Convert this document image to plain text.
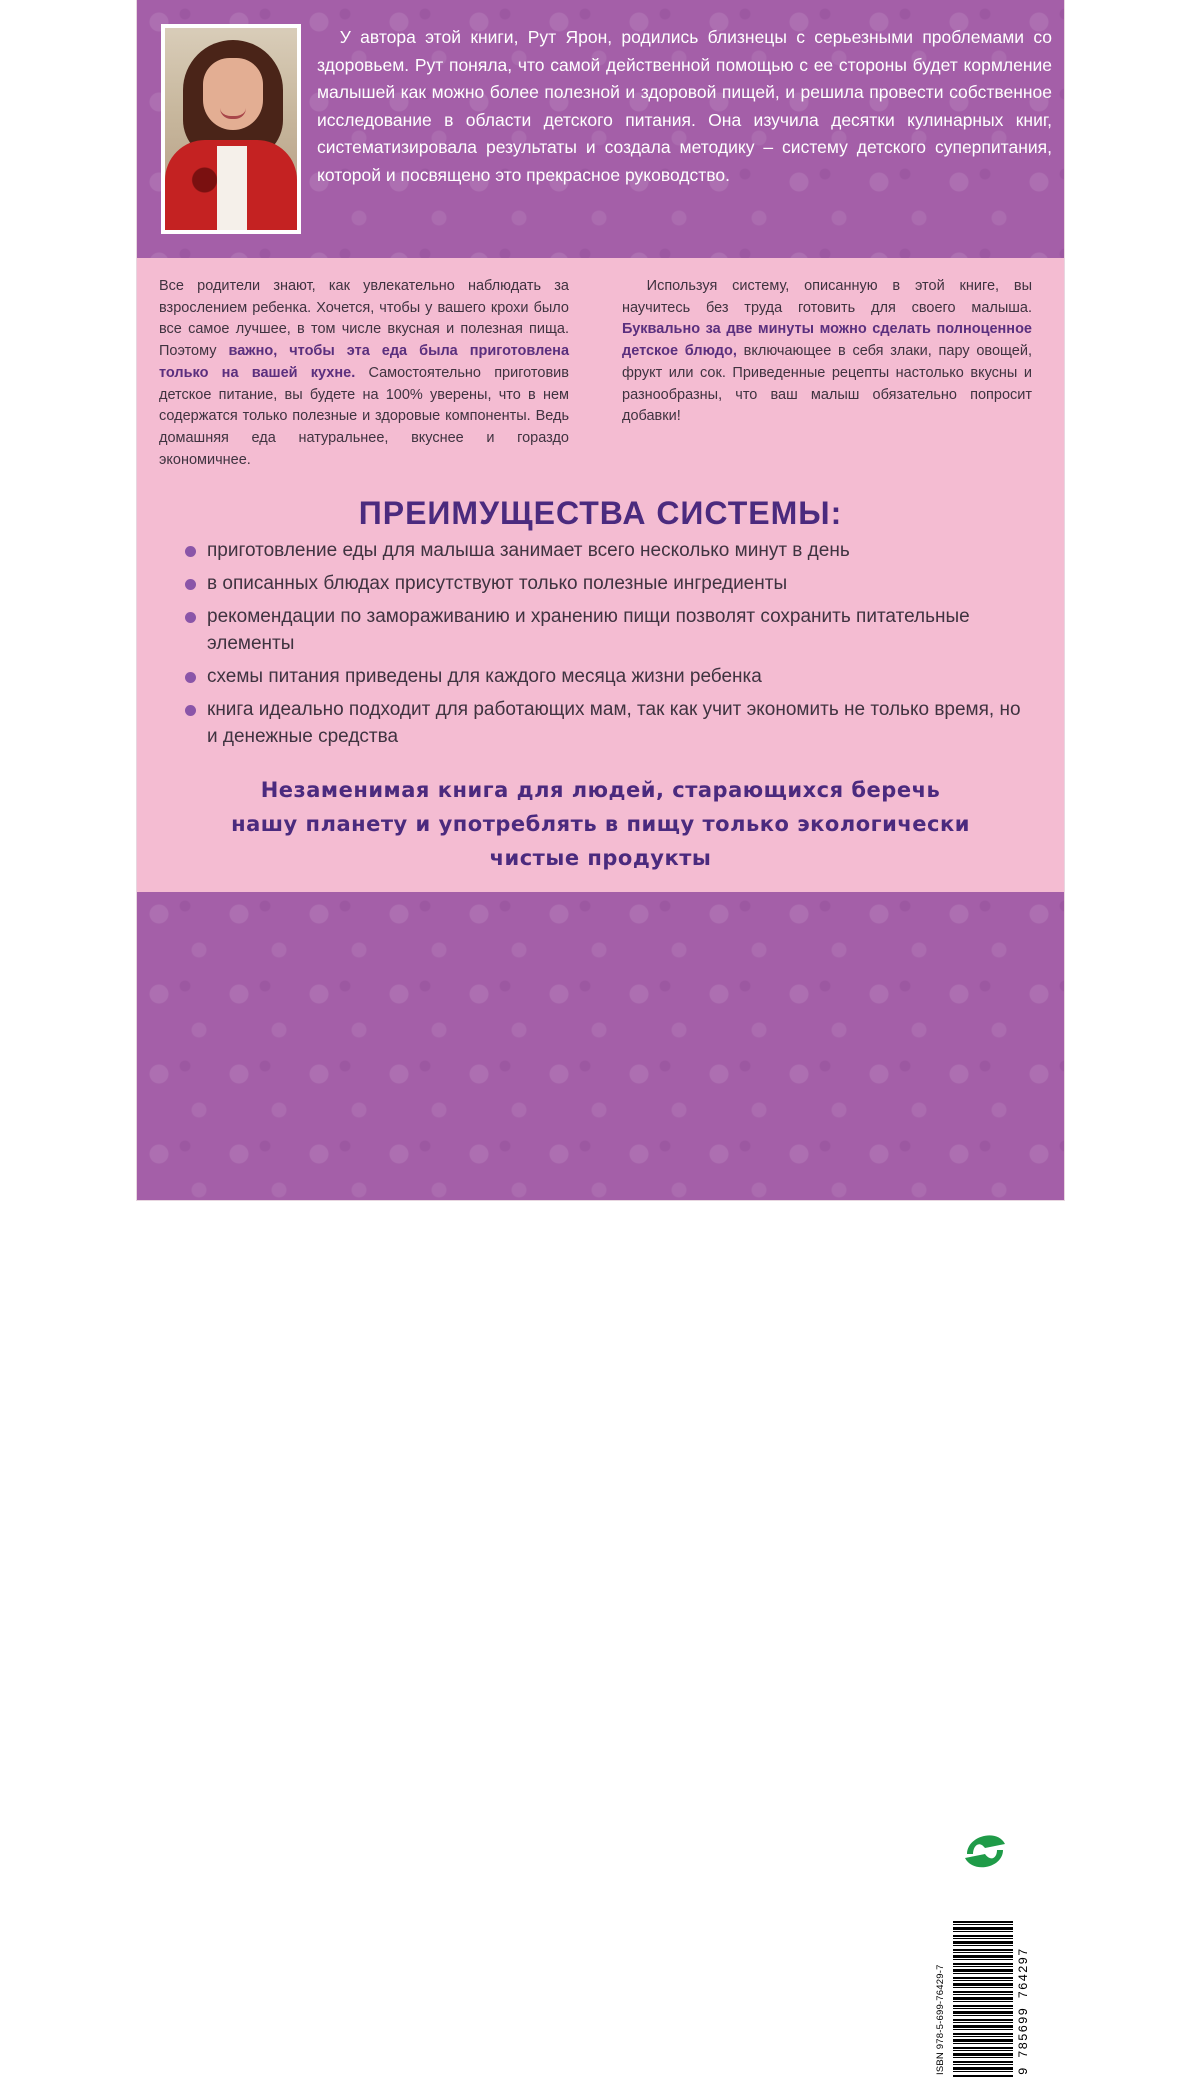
У автора этой книги, Рут Ярон, родились близнецы с серьезными проблемами со здоровьем. Рут поняла, что самой действенной помощью с ее стороны будет кормление малышей как можно более полезной и здоровой пищей, и решила провести собственное исследование в области детского питания. Она изучила десятки кулинарных книг, систематизировала результаты и создала методику – систему детского суперпитания, которой и посвящено это прекрасное руководство.
Все родители знают, как увлекательно наблюдать за взрослением ребенка. Хочется, чтобы у вашего крохи было все самое лучшее, в том числе вкусная и полезная пища. Поэтому важно, чтобы эта еда была приготовлена только на вашей кухне. Самостоятельно приготовив детское питание, вы будете на 100% уверены, что в нем содержатся только полезные и здоровые компоненты. Ведь домашняя еда натуральнее, вкуснее и гораздо экономичнее.
Используя систему, описанную в этой книге, вы научитесь без труда готовить для своего малыша. Буквально за две минуты можно сделать полноценное детское блюдо, включающее в себя злаки, пару овощей, фрукт или сок. Приведенные рецепты настолько вкусны и разнообразны, что ваш малыш обязательно попросит добавки!
ПРЕИМУЩЕСТВА СИСТЕМЫ:
приготовление еды для малыша занимает всего несколько минут в день
в описанных блюдах присутствуют только полезные ингредиенты
рекомендации по замораживанию и хранению пищи позволят сохранить питательные элементы
схемы питания приведены для каждого месяца жизни ребенка
книга идеально подходит для работающих мам, так как учит экономить не только время, но и денежные средства
Незаменимая книга для людей, старающихся беречь
нашу планету и употреблять в пищу только экологически
чистые продукты
Эта книга – своего рода библия кормления детей. Рут одержима всем, что касается малышей, их правильного питания и здоровья. Она провела масштабное исследование, которое сэкономит время работающих родителей. Это руководство содержит подсказки, рецепты и важную информацию, которая поможет вам в первые годы жизни вашего ребенка.
Доктор Дженн Берман,
автор книги «Супермалыш:
12 способов дать вашему ребенку хороший
старт в первые 3 года»
Рут Ярон вновь сделала это! Первое издание этой книги было ошеломляющим открытием, а эта полностью обновленная версия – настоящая находка. Правильное питание очень важно для малышей, и Ярон дает родителям возможность кормить своих детей едой, которая покажется им великолепной – и при этом она будет простой, недорогой, безопасной и вкусной.
Алан Грин, доктор медицины, педиатр,
основатель сайта DrGreene.com и автор книги
«Органическая пища для малышей»
ЭКСМО
ISBN 978-5-699-76429-7	9 785699 764297
